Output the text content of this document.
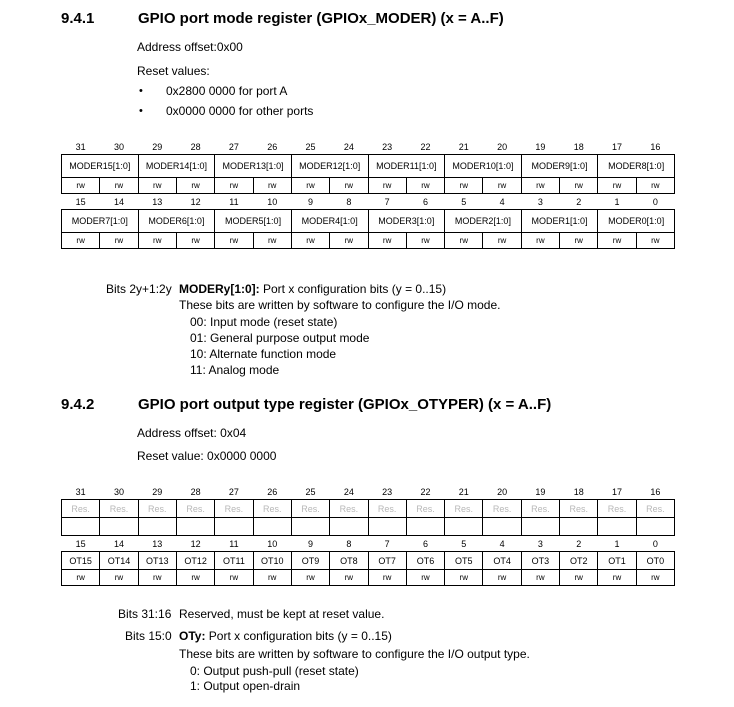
9.4.1	GPIO port mode register (GPIOx_MODER) (x = A..F)
Address offset:0x00
Reset values:
• 0x2800 0000 for port A
• 0x0000 0000 for other ports
31	30	29	28	27	26	25	24	23	22	21	20	19	18	17	16
MODER15[1:0]		MODER14[1:0]		MODER13[1:0]		MODER12[1:0]		MODER11[1:0]		MODER10[1:0]		MODER9[1:0]		MODER8[1:0]	
rw	rw	rw	rw	rw	rw	rw	rw	rw	rw	rw	rw	rw	rw	rw	rw
15	14	13	12	11	10	9	8	7	6	5	4	3	2	1	0
MODER7[1:0]		MODER6[1:0]		MODER5[1:0]		MODER4[1:0]		MODER3[1:0]		MODER2[1:0]		MODER1[1:0]		MODER0[1:0]	
rw	rw	rw	rw	rw	rw	rw	rw	rw	rw	rw	rw	rw	rw	rw	rw
Bits 2y+1:2y MODERy[1:0]: Port x configuration bits (y = 0..15)
These bits are written by software to configure the I/O mode.
00: Input mode (reset state)
01: General purpose output mode
10: Alternate function mode
11: Analog mode
9.4.2	GPIO port output type register (GPIOx_OTYPER) (x = A..F)
Address offset: 0x04
Reset value: 0x0000 0000
31	30	29	28	27	26	25	24	23	22	21	20	19	18	17	16
Res.	Res.	Res.	Res.	Res.	Res.	Res.	Res.	Res.	Res.	Res.	Res.	Res.	Res.	Res.	Res.

15	14	13	12	11	10	9	8	7	6	5	4	3	2	1	0
OT15	OT14	OT13	OT12	OT11	OT10	OT9	OT8	OT7	OT6	OT5	OT4	OT3	OT2	OT1	OT0
rw	rw	rw	rw	rw	rw	rw	rw	rw	rw	rw	rw	rw	rw	rw	rw
Bits 31:16 Reserved, must be kept at reset value.
Bits 15:0 OTy: Port x configuration bits (y = 0..15)
These bits are written by software to configure the I/O output type.
0: Output push-pull (reset state)
1: Output open-drain
